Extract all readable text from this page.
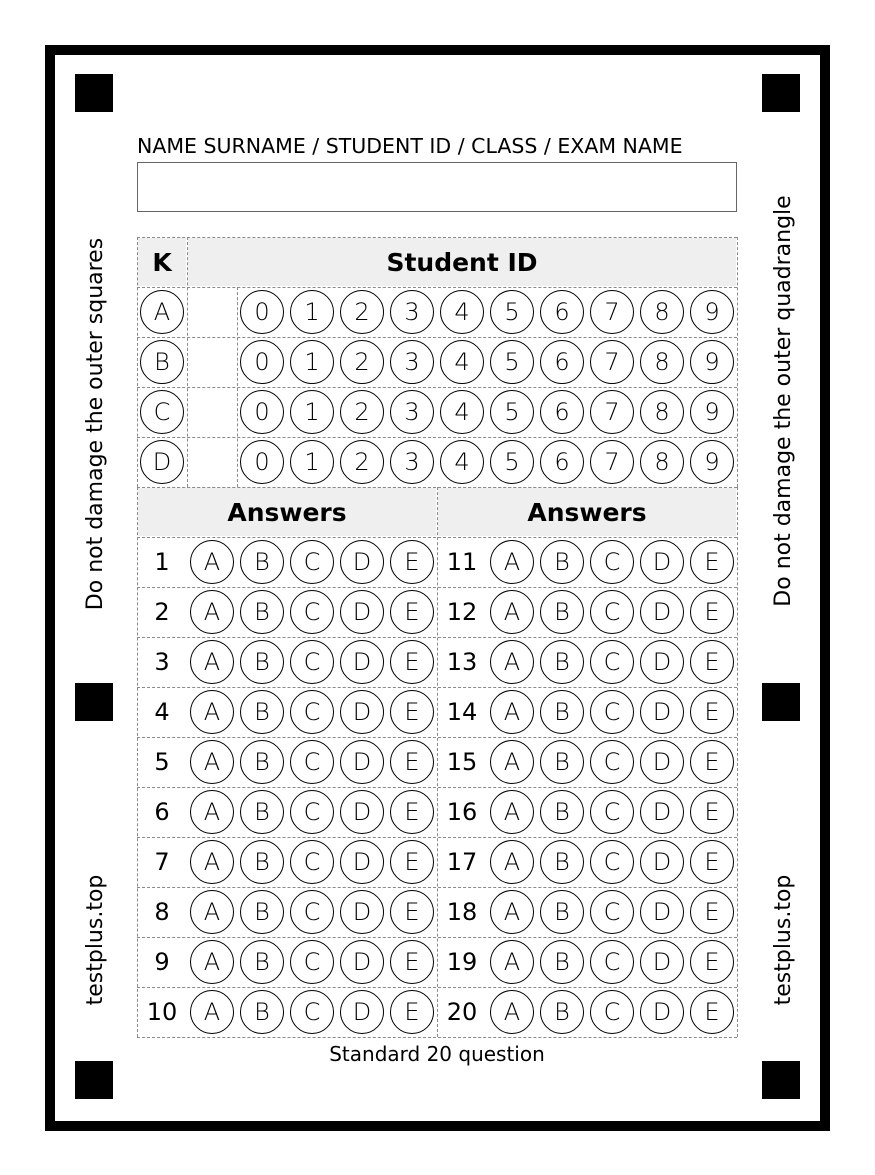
Do not damage the outer squares	Do not damage the outer quadrangle
testplus.top	testplus.top
NAME SURNAME / STUDENT ID / CLASS / EXAM NAME
K	Student ID
Answers	Answers
A	0	1	2	3	4	5	6	7	8	9
B	0	1	2	3	4	5	6	7	8	9
C	0	1	2	3	4	5	6	7	8	9
D	0	1	2	3	4	5	6	7	8	9
1	A	B	C	D	E
2	A	B	C	D	E
3	A	B	C	D	E
4	A	B	C	D	E
5	A	B	C	D	E
6	A	B	C	D	E
7	A	B	C	D	E
8	A	B	C	D	E
9	A	B	C	D	E
10	A	B	C	D	E
11	A	B	C	D	E
12	A	B	C	D	E
13	A	B	C	D	E
14	A	B	C	D	E
15	A	B	C	D	E
16	A	B	C	D	E
17	A	B	C	D	E
18	A	B	C	D	E
19	A	B	C	D	E
20	A	B	C	D	E
Standard 20 question
